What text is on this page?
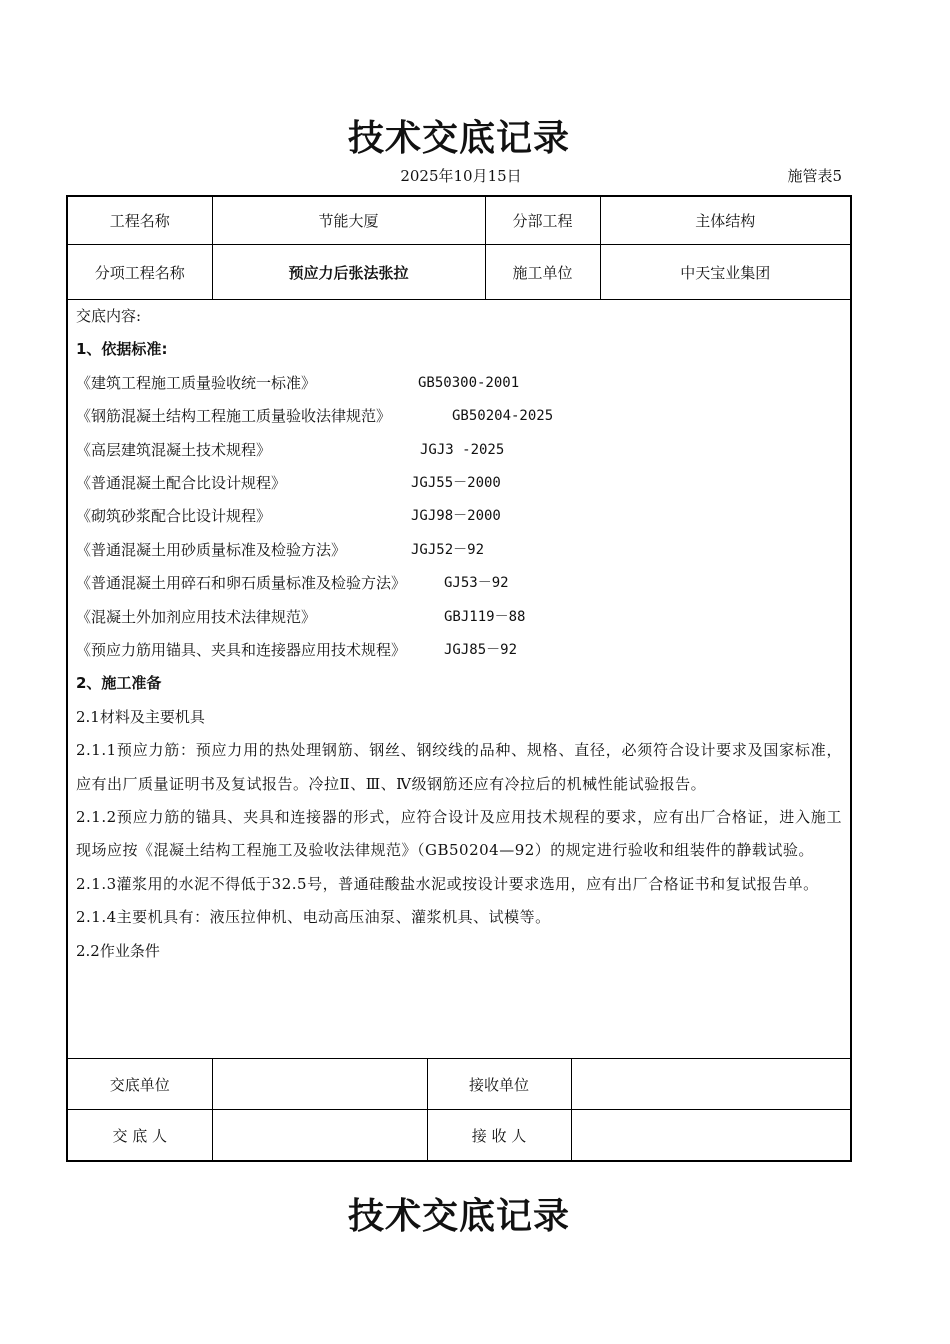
技术交底记录
2025年10月15日	施管表5
工程名称	节能大厦	分部工程	主体结构
分项工程名称	预应力后张法张拉	施工单位	中天宝业集团

交底内容:

1、依据标准:

《建筑工程施工质量验收统一标准》	GB50300-2001
《钢筋混凝土结构工程施工质量验收法律规范》	GB50204-2025
《高层建筑混凝土技术规程》	JGJ3 -2025
《普通混凝土配合比设计规程》	JGJ55－2000
《砌筑砂浆配合比设计规程》	JGJ98－2000
《普通混凝土用砂质量标准及检验方法》	JGJ52－92
《普通混凝土用碎石和卵石质量标准及检验方法》	GJ53－92
《混凝土外加剂应用技术法律规范》	GBJ119－88
《预应力筋用锚具、夹具和连接器应用技术规程》	JGJ85－92

2、施工准备

2.1材料及主要机具

2.1.1预应力筋：预应力用的热处理钢筋、钢丝、钢绞线的品种、规格、直径，必须符合设计要求及国家标准，应有出厂质量证明书及复试报告。冷拉Ⅱ、Ⅲ、Ⅳ级钢筋还应有冷拉后的机械性能试验报告。

2.1.2预应力筋的锚具、夹具和连接器的形式，应符合设计及应用技术规程的要求，应有出厂合格证，进入施工现场应按《混凝土结构工程施工及验收法律规范》（GB50204—92）的规定进行验收和组装件的静载试验。

2.1.3灌浆用的水泥不得低于32.5号，普通硅酸盐水泥或按设计要求选用，应有出厂合格证书和复试报告单。

2.1.4主要机具有：液压拉伸机、电动高压油泵、灌浆机具、试模等。

2.2作业条件

交底单位		接收单位	
交 底 人		接 收 人	
技术交底记录
